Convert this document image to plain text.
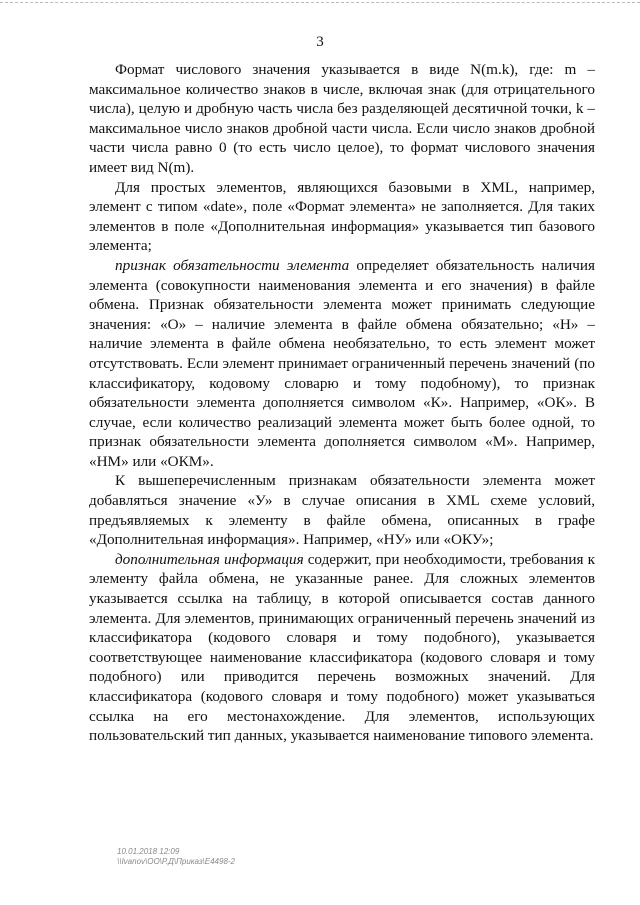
3

Формат числового значения указывается в виде N(m.k), где: m – максимальное количество знаков в числе, включая знак (для отрицательного числа), целую и дробную часть числа без разделяющей десятичной точки, k – максимальное число знаков дробной части числа. Если число знаков дробной части числа равно 0 (то есть число целое), то формат числового значения имеет вид N(m).

Для простых элементов, являющихся базовыми в XML, например, элемент с типом «date», поле «Формат элемента» не заполняется. Для таких элементов в поле «Дополнительная информация» указывается тип базового элемента;

признак обязательности элемента определяет обязательность наличия элемента (совокупности наименования элемента и его значения) в файле обмена. Признак обязательности элемента может принимать следующие значения: «О» – наличие элемента в файле обмена обязательно; «Н» – наличие элемента в файле обмена необязательно, то есть элемент может отсутствовать. Если элемент принимает ограниченный перечень значений (по классификатору, кодовому словарю и тому подобному), то признак обязательности элемента дополняется символом «К». Например, «ОК». В случае, если количество реализаций элемента может быть более одной, то признак обязательности элемента дополняется символом «М». Например, «НМ» или «ОКМ».

К вышеперечисленным признакам обязательности элемента может добавляться значение «У» в случае описания в XML схеме условий, предъявляемых к элементу в файле обмена, описанных в графе «Дополнительная информация». Например, «НУ» или «ОКУ»;

дополнительная информация содержит, при необходимости, требования к элементу файла обмена, не указанные ранее. Для сложных элементов указывается ссылка на таблицу, в которой описывается состав данного элемента. Для элементов, принимающих ограниченный перечень значений из классификатора (кодового словаря и тому подобного), указывается соответствующее наименование классификатора (кодового словаря и тому подобного) или приводится перечень возможных значений. Для классификатора (кодового словаря и тому подобного) может указываться ссылка на его местонахождение. Для элементов, использующих пользовательский тип данных, указывается наименование типового элемента.

10.01.2018 12:09
\\Ivanov\ОО\Р.Д\Приказ\Е4498-2
